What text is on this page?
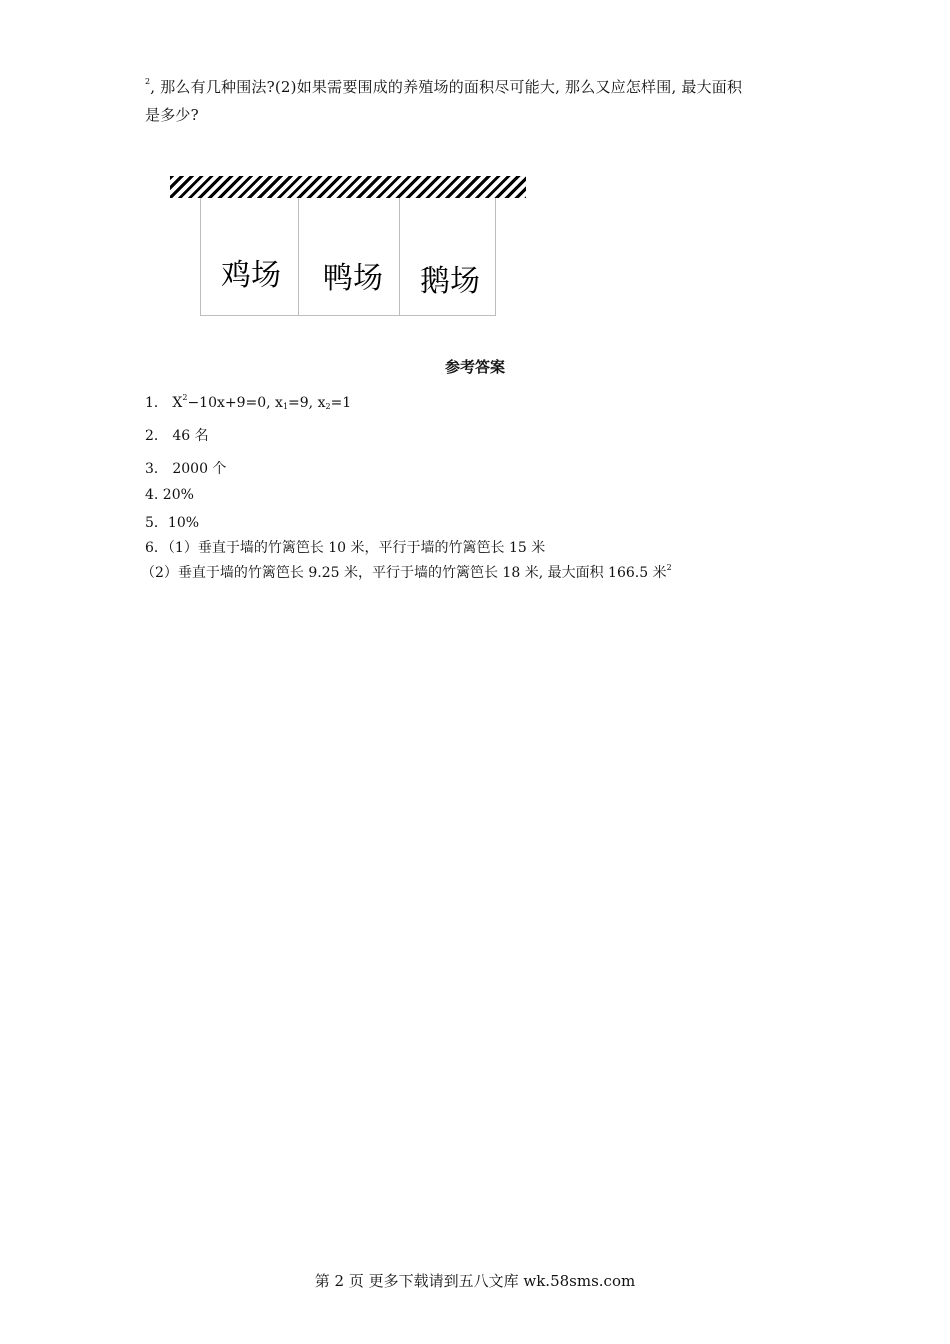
$^2$, 那么有几种围法?(2)如果需要围成的养殖场的面积尽可能大, 那么又应怎样围, 最大面积
是多少?
鸡场 鸭场 鹅场
参考答案
1． $X^2-10x+9=0$, $x_1=9$, $x_2=1$
2． 46 名
3． 2000 个
4. 20%
5．10%
6．（1）垂直于墙的竹篱笆长 10 米，平行于墙的竹篱笆长 15 米
（2）垂直于墙的竹篱笆长 9.25 米，平行于墙的竹篱笆长 18 米, 最大面积 166.5 米$^2$
第 2 页 更多下载请到五八文库 wk.58sms.com
